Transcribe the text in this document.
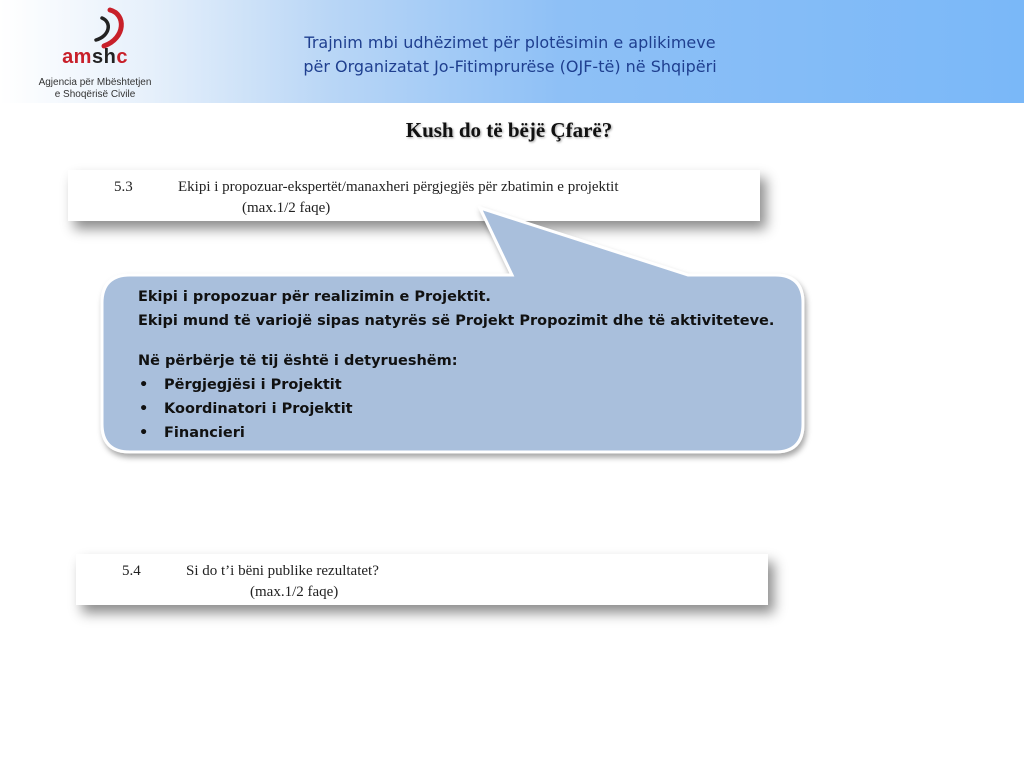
amshc
Agjencia për Mbështetjen
e Shoqërisë Civile
Trajnim mbi udhëzimet për plotësimin e aplikimeve
për Organizatat Jo-Fitimprurëse (OJF-të) në Shqipëri
Kush do të bëjë Çfarë?
5.3	Ekipi i propozuar-ekspertët/manaxheri përgjegjës për zbatimin e projektit
(max.1/2 faqe)

Ekipi i propozuar për realizimin e Projektit.

Ekipi mund të variojë sipas natyrës së Projekt Propozimit dhe të aktiviteteve.

Në përbërje të tij është i detyrueshëm:

• Përgjegjësi i Projektit
• Koordinatori i Projektit
• Financieri
5.4	Si do t’i bëni publike rezultatet?
(max.1/2 faqe)
